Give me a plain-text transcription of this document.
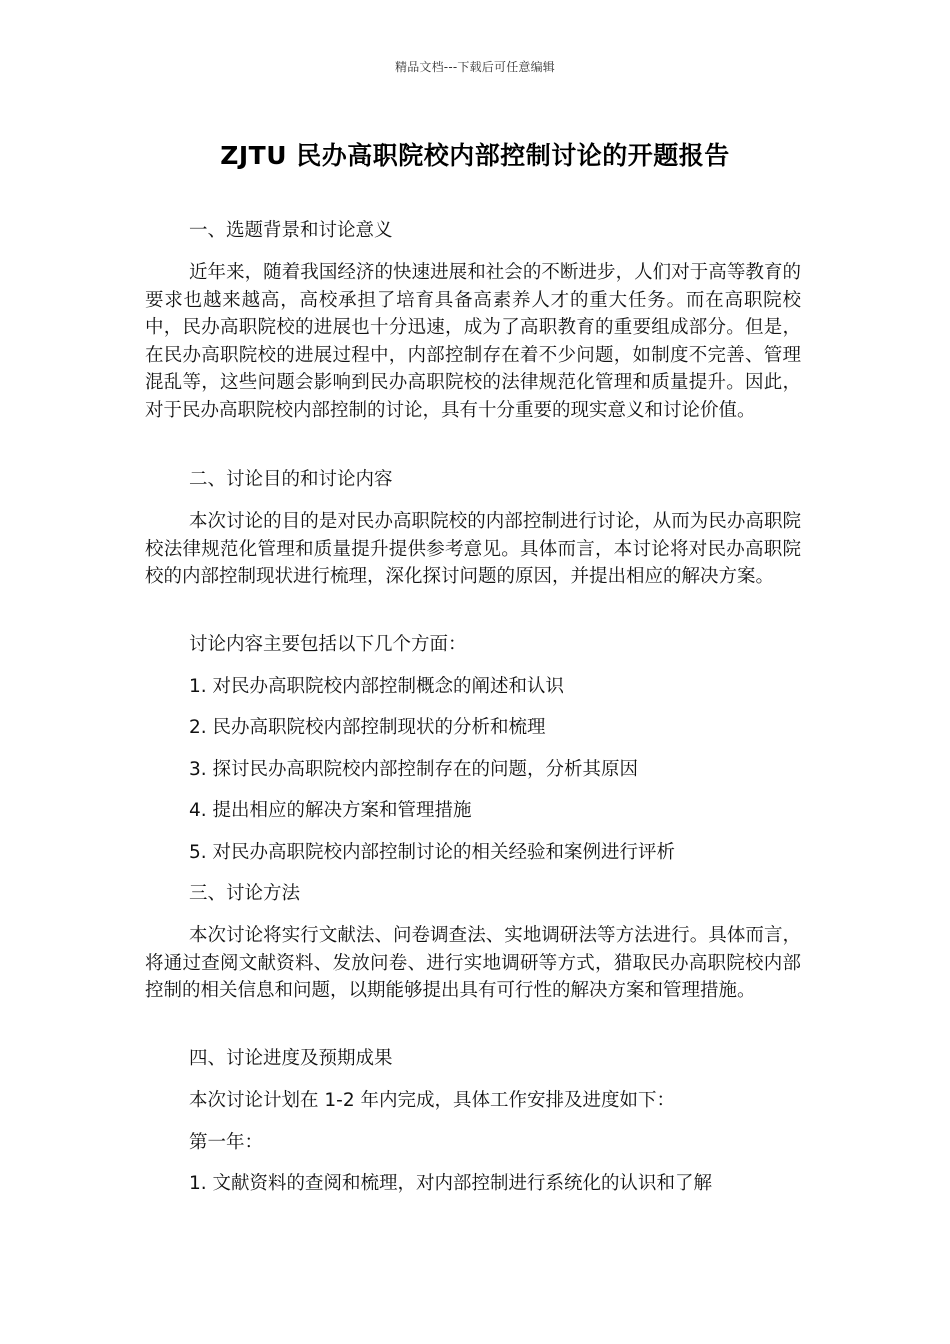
精品文档---下载后可任意编辑
ZJTU 民办高职院校内部控制讨论的开题报告
一、选题背景和讨论意义
近年来，随着我国经济的快速进展和社会的不断进步，人们对于高等教育的要求也越来越高，高校承担了培育具备高素养人才的重大任务。而在高职院校中，民办高职院校的进展也十分迅速，成为了高职教育的重要组成部分。但是，在民办高职院校的进展过程中，内部控制存在着不少问题，如制度不完善、管理混乱等，这些问题会影响到民办高职院校的法律规范化管理和质量提升。因此，对于民办高职院校内部控制的讨论，具有十分重要的现实意义和讨论价值。
二、讨论目的和讨论内容
本次讨论的目的是对民办高职院校的内部控制进行讨论，从而为民办高职院校法律规范化管理和质量提升提供参考意见。具体而言，本讨论将对民办高职院校的内部控制现状进行梳理，深化探讨问题的原因，并提出相应的解决方案。
讨论内容主要包括以下几个方面：
1. 对民办高职院校内部控制概念的阐述和认识
2. 民办高职院校内部控制现状的分析和梳理
3. 探讨民办高职院校内部控制存在的问题，分析其原因
4. 提出相应的解决方案和管理措施
5. 对民办高职院校内部控制讨论的相关经验和案例进行评析
三、讨论方法
本次讨论将实行文献法、问卷调查法、实地调研法等方法进行。具体而言，将通过查阅文献资料、发放问卷、进行实地调研等方式，猎取民办高职院校内部控制的相关信息和问题，以期能够提出具有可行性的解决方案和管理措施。
四、讨论进度及预期成果
本次讨论计划在 1-2 年内完成，具体工作安排及进度如下：
第一年：
1. 文献资料的查阅和梳理，对内部控制进行系统化的认识和了解
